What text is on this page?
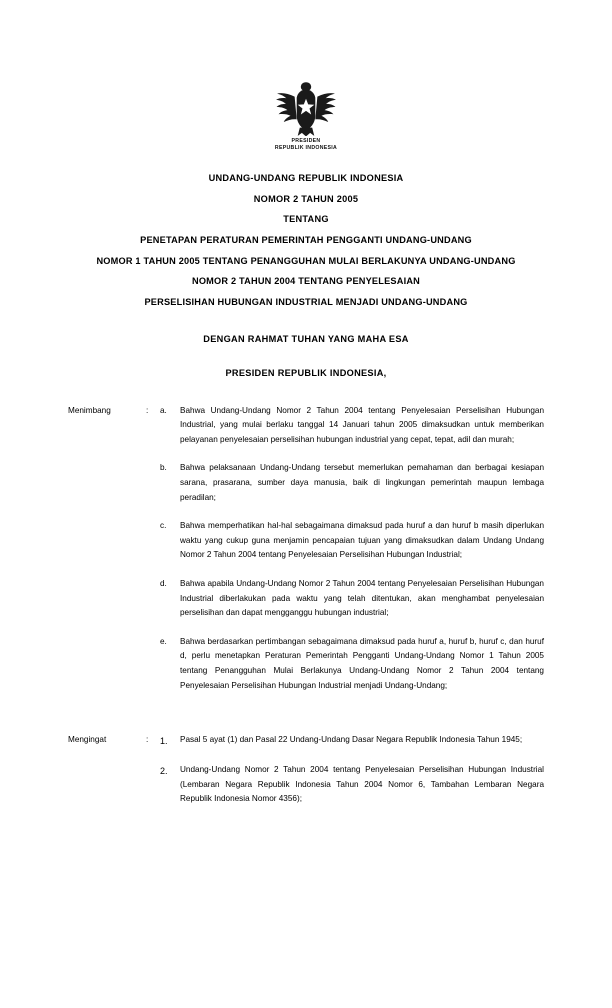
PRESIDEN
REPUBLIK INDONESIA
UNDANG-UNDANG REPUBLIK INDONESIA
NOMOR 2 TAHUN 2005
TENTANG
PENETAPAN PERATURAN PEMERINTAH PENGGANTI UNDANG-UNDANG
NOMOR 1 TAHUN 2005 TENTANG PENANGGUHAN MULAI BERLAKUNYA UNDANG-UNDANG
NOMOR 2 TAHUN 2004 TENTANG PENYELESAIAN
PERSELISIHAN HUBUNGAN INDUSTRIAL MENJADI UNDANG-UNDANG
DENGAN RAHMAT TUHAN YANG MAHA ESA
PRESIDEN REPUBLIK INDONESIA,
Menimbang	:	a.	Bahwa Undang-Undang Nomor 2 Tahun 2004 tentang Penyelesaian Perselisihan Hubungan Industrial, yang mulai berlaku tanggal 14 Januari tahun 2005 dimaksudkan untuk memberikan pelayanan penyelesaian perselisihan hubungan industrial yang cepat, tepat, adil dan murah;
b.	Bahwa pelaksanaan Undang-Undang tersebut memerlukan pemahaman dan berbagai kesiapan sarana, prasarana, sumber daya manusia, baik di lingkungan pemerintah maupun lembaga peradilan;
c.	Bahwa memperhatikan hal-hal sebagaimana dimaksud pada huruf a dan huruf b masih diperlukan waktu yang cukup guna menjamin pencapaian tujuan yang dimaksudkan dalam Undang Undang Nomor 2 Tahun 2004 tentang Penyelesaian Perselisihan Hubungan Industrial;
d.	Bahwa apabila Undang-Undang Nomor 2 Tahun 2004 tentang Penyelesaian Perselisihan Hubungan Industrial diberlakukan pada waktu yang telah ditentukan, akan menghambat penyelesaian perselisihan dan dapat mengganggu hubungan industrial;
e.	Bahwa berdasarkan pertimbangan sebagaimana dimaksud pada huruf a, huruf b, huruf c, dan huruf d, perlu menetapkan Peraturan Pemerintah Pengganti Undang-Undang Nomor 1 Tahun 2005 tentang Penangguhan Mulai Berlakunya Undang-Undang Nomor 2 Tahun 2004 tentang Penyelesaian Perselisihan Hubungan Industrial menjadi Undang-Undang;
Mengingat	:	1.	Pasal 5 ayat (1) dan Pasal 22 Undang-Undang Dasar Negara Republik Indonesia Tahun 1945;
2.	Undang-Undang Nomor 2 Tahun 2004 tentang Penyelesaian Perselisihan Hubungan Industrial (Lembaran Negara Republik Indonesia Tahun 2004 Nomor 6, Tambahan Lembaran Negara Republik Indonesia Nomor 4356);
